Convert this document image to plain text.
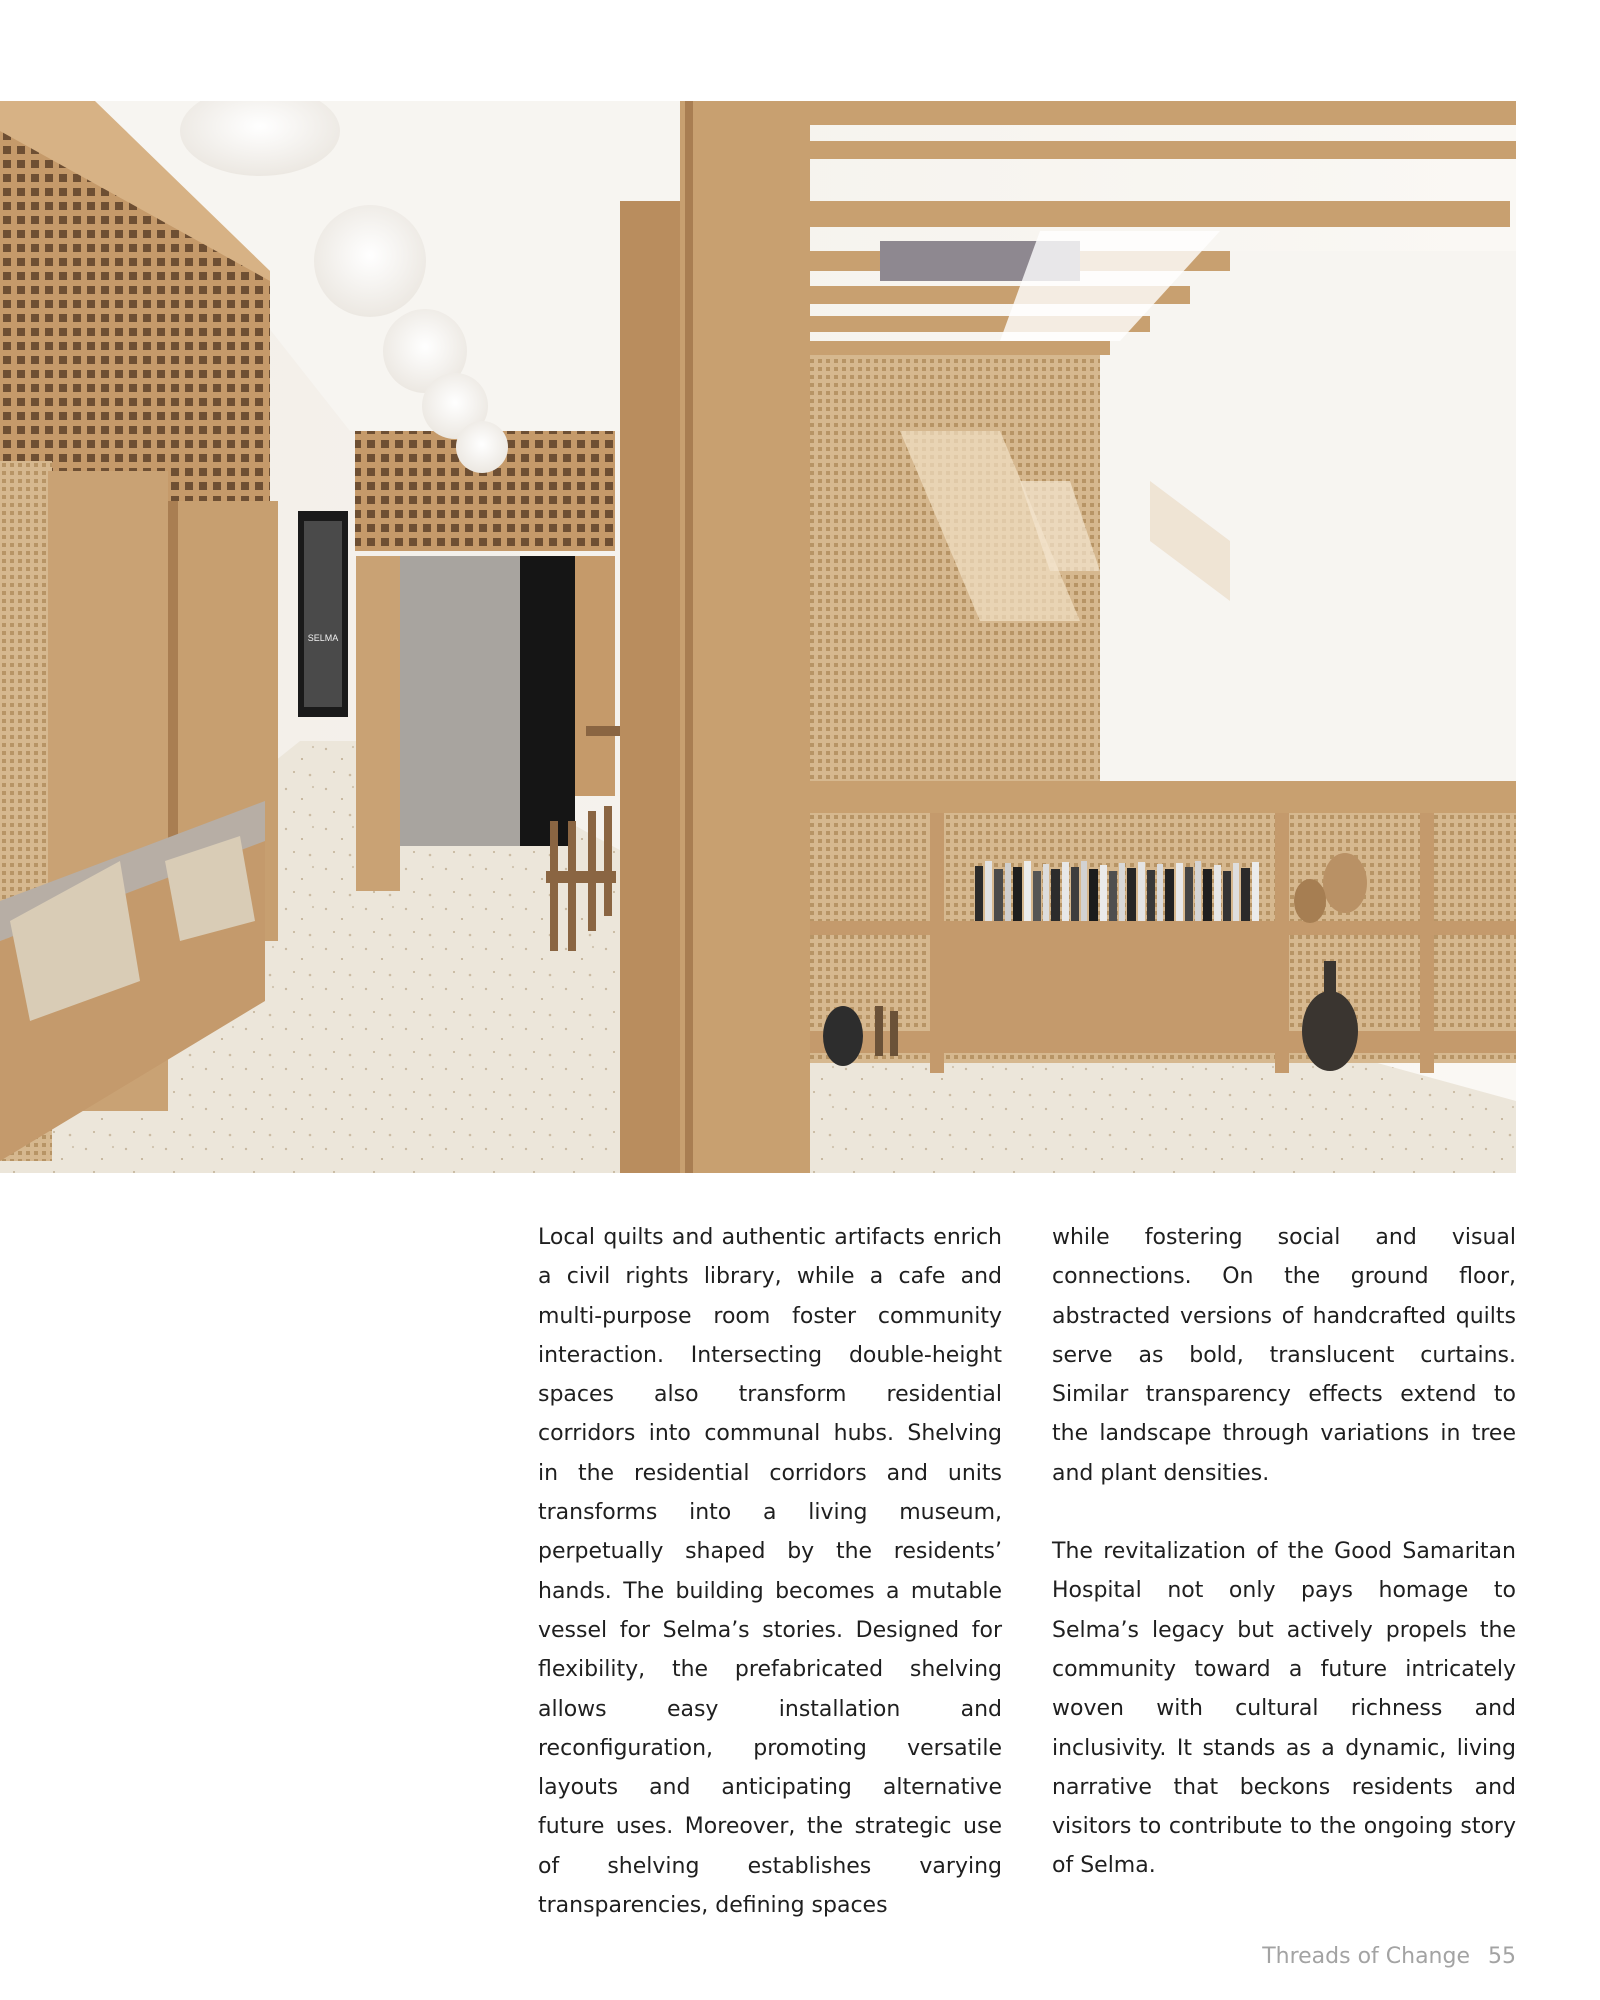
SELMA

Local quilts and authentic artifacts enrich a civil rights library, while a cafe and multi-purpose room foster community interaction. Intersecting double-height spaces also transform residential corridors into communal hubs. Shelving in the residential corridors and units transforms into a living museum, perpetually shaped by the residents’ hands. The building becomes a mutable vessel for Selma’s stories. Designed for flexibility, the prefabricated shelving allows easy installation and reconfiguration, promoting versatile layouts and anticipating alternative future uses. Moreover, the strategic use of shelving establishes varying transparencies, defining spaces

while fostering social and visual connections. On the ground floor, abstracted versions of handcrafted quilts serve as bold, translucent curtains. Similar transparency effects extend to the landscape through variations in tree and plant densities.

The revitalization of the Good Samaritan Hospital not only pays homage to Selma’s legacy but actively propels the community toward a future intricately woven with cultural richness and inclusivity. It stands as a dynamic, living narrative that beckons residents and visitors to contribute to the ongoing story of Selma.

Threads of Change 55
